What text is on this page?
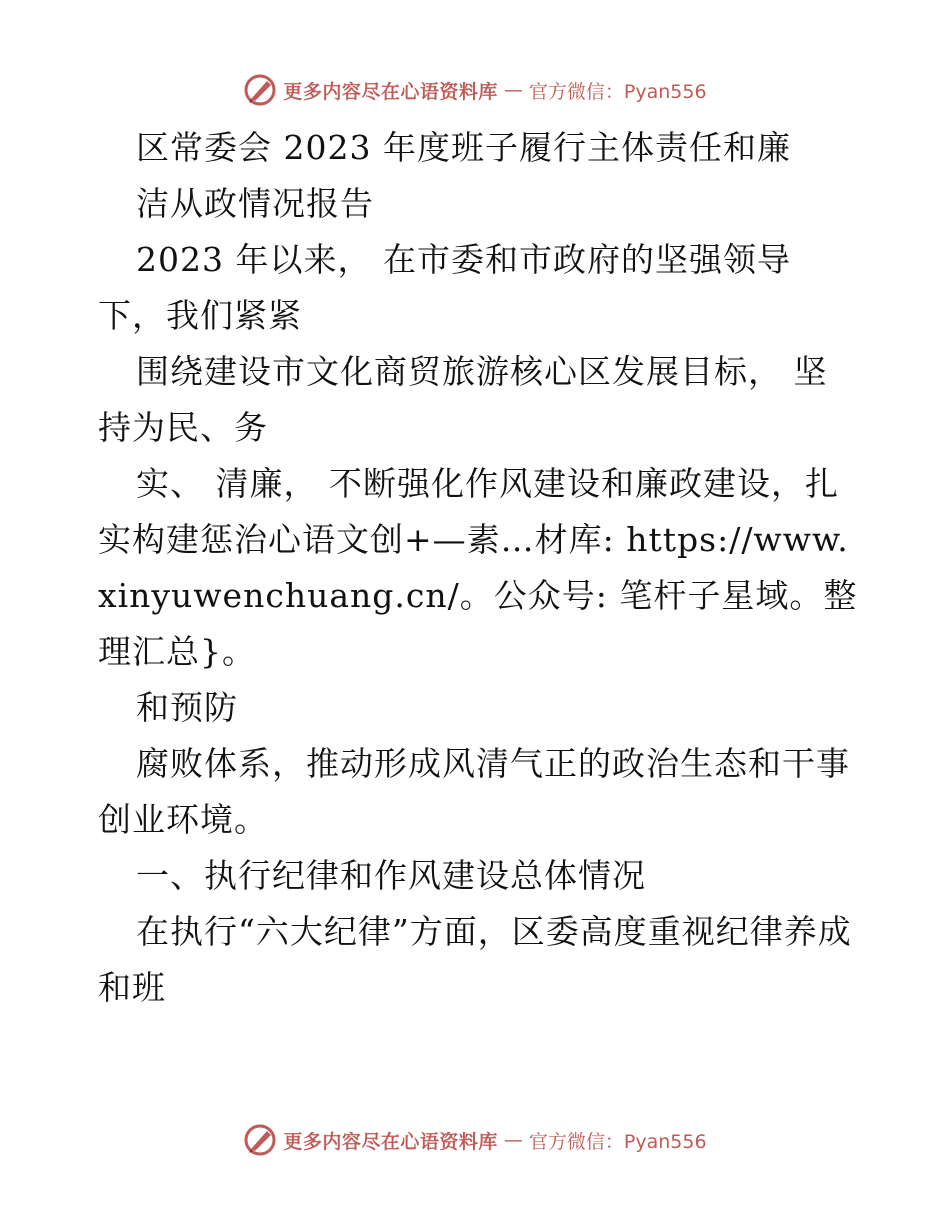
更多内容尽在心语资料库 — 官方微信：Pyan556

区常委会 2023 年度班子履行主体责任和廉

洁从政情况报告

2023 年以来， 在市委和市政府的坚强领导下，我们紧紧

围绕建设市文化商贸旅游核心区发展目标， 坚持为民、务

实、 清廉， 不断强化作风建设和廉政建设，扎实构建惩治心语文创+—素…材库: https://www.xinyuwenchuang.cn/。公众号: 笔杆子星域。整理汇总}。

和预防

腐败体系，推动形成风清气正的政治生态和干事创业环境。

一、执行纪律和作风建设总体情况

在执行“六大纪律”方面，区委高度重视纪律养成和班

更多内容尽在心语资料库 — 官方微信：Pyan556
